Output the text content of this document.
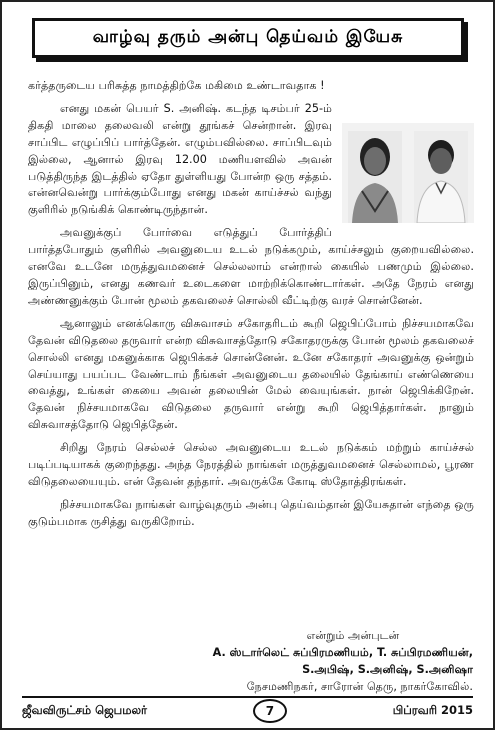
வாழ்வு தரும் அன்பு தெய்வம் இயேசு

கர்த்தருடைய பரிசுத்த நாமத்திற்கே மகிமை உண்டாவதாக !

எனது மகன் பெயர் S. அனிஷ். கடந்த டிசம்பர் 25-ம் திகதி மாலை தலைவலி என்று தூங்கச் சென்றான். இரவு சாப்பிட எழுப்பிப் பார்த்தேன். எழும்பவில்லை. சாப்பிடவும் இல்லை, ஆனால் இரவு 12.00 மணியளவில் அவன் படுத்திருந்த இடத்தில் ஏதோ துள்ளியது போன்ற ஒரு சத்தம். என்னவென்று பார்க்கும்போது எனது மகன் காய்ச்சல் வந்து குளிரில் நடுங்கிக் கொண்டிருந்தான்.

அவனுக்குப் போர்வை எடுத்துப் போர்த்திப் பார்த்தபோதும் குளிரில் அவனுடைய உடல் நடுக்கமும், காய்ச்சலும் குறையவில்லை. எனவே உடனே மருத்துவமனைச் செல்லலாம் என்றால் கையில் பணமும் இல்லை. இருப்பினும், எனது கணவர் உடைகளை மாற்றிக்கொண்டார்கள். அதே நேரம் எனது அண்ணனுக்கும் போன் மூலம் தகவலைச் சொல்லி வீட்டிற்கு வரச் சொன்னேன்.

ஆனாலும் எனக்கொரு விசுவாசம் சகோதரிடம் கூறி ஜெபிப்போம் நிச்சயமாகவே தேவன் விடுதலை தருவார் என்ற விசுவாசத்தோடு சகோதரருக்கு போன் மூலம் தகவலைச் சொல்லி எனது மகனுக்காக ஜெபிக்கச் சொன்னேன். உனே சகோதரர் அவனுக்கு ஒன்றும் செய்யாது பயப்பட வேண்டாம் நீங்கள் அவனுடைய தலையில் தேங்காய் எண்ணெயை வைத்து, உங்கள் கையை அவன் தலையின் மேல் வையுங்கள். நான் ஜெபிக்கிறேன். தேவன் நிச்சயமாகவே விடுதலை தருவார் என்று கூறி ஜெபித்தார்கள். நானும் விசுவாசத்தோடு ஜெபித்தேன்.

சிறிது நேரம் செல்லச் செல்ல அவனுடைய உடல் நடுக்கம் மற்றும் காய்ச்சல் படிப்படியாகக் குறைந்தது. அந்த நேரத்தில் நாங்கள் மருத்துவமனைச் செல்லாமல், பூரண விடுதலையையும். என் தேவன் தந்தார். அவருக்கே கோடி ஸ்தோத்திரங்கள்.

நிச்சயமாகவே நாங்கள் வாழ்வுதரும் அன்பு தெய்வம்தான் இயேசுதான் எந்தை ஒரு குடும்பமாக ருசித்து வருகிறோம்.

என்றும் அன்புடன்
A. ஸ்டார்லெட் சுப்பிரமணியம், T. சுப்பிரமணியன்,
S.அபிஷ், S.அனிஷ், S.அனிஷா
நேசமணிநகர், சாரோன் தெரு, நாகர்கோவில்.
ஜீவவிருட்சம் ஜெபமலர்	7	பிப்ரவரி 2015
